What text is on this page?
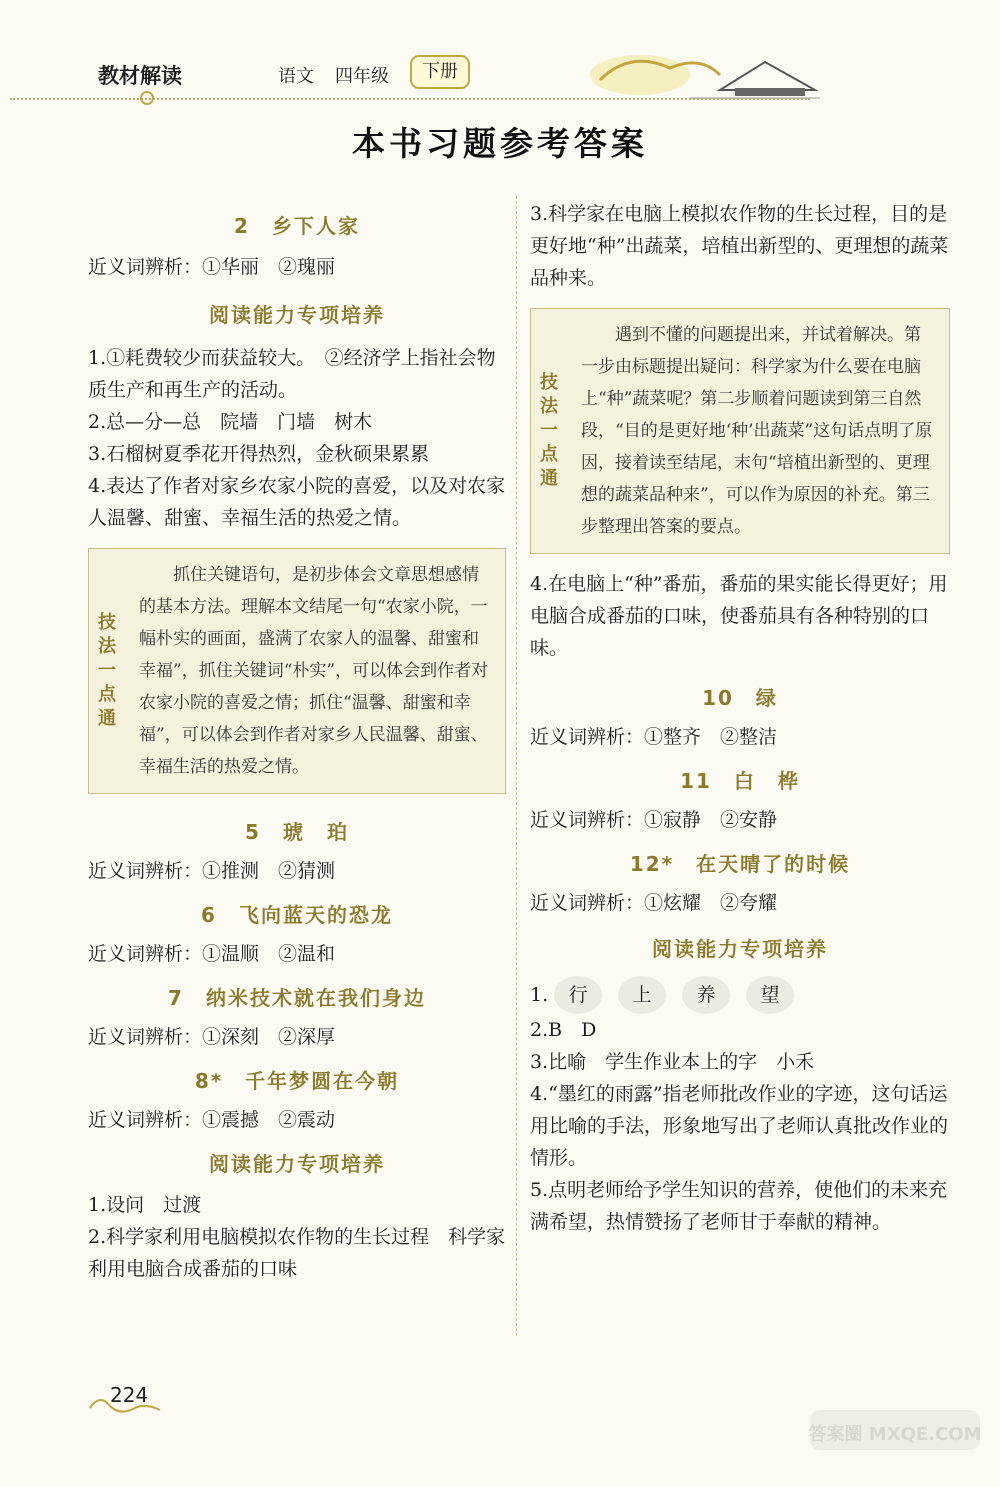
教材解读	语文 四年级	下册
本书习题参考答案
2　乡下人家

近义词辨析：①华丽　②瑰丽

阅读能力专项培养

1.①耗费较少而获益较大。　②经济学上指社会物质生产和再生产的活动。

2.总—分—总　院墙　门墙　树木

3.石榴树夏季花开得热烈，金秋硕果累累

4.表达了作者对家乡农家小院的喜爱，以及对农家人温馨、甜蜜、幸福生活的热爱之情。

技法一点通
抓住关键语句，是初步体会文章思想感情的基本方法。理解本文结尾一句“农家小院，一幅朴实的画面，盛满了农家人的温馨、甜蜜和幸福”，抓住关键词“朴实”，可以体会到作者对农家小院的喜爱之情；抓住“温馨、甜蜜和幸福”，可以体会到作者对家乡人民温馨、甜蜜、幸福生活的热爱之情。
5　琥　珀

近义词辨析：①推测　②猜测

6　飞向蓝天的恐龙

近义词辨析：①温顺　②温和

7　纳米技术就在我们身边

近义词辨析：①深刻　②深厚

8*　千年梦圆在今朝

近义词辨析：①震撼　②震动

阅读能力专项培养

1.设问　过渡

2.科学家利用电脑模拟农作物的生长过程　科学家利用电脑合成番茄的口味

3.科学家在电脑上模拟农作物的生长过程，目的是更好地“种”出蔬菜，培植出新型的、更理想的蔬菜品种来。

技法一点通
遇到不懂的问题提出来，并试着解决。第一步由标题提出疑问：科学家为什么要在电脑上“种”蔬菜呢？第二步顺着问题读到第三自然段，“目的是更好地‘种’出蔬菜”这句话点明了原因，接着读至结尾，末句“培植出新型的、更理想的蔬菜品种来”，可以作为原因的补充。第三步整理出答案的要点。

4.在电脑上“种”番茄，番茄的果实能长得更好；用电脑合成番茄的口味，使番茄具有各种特别的口味。

10　绿

近义词辨析：①整齐　②整洁

11　白　桦

近义词辨析：①寂静　②安静

12*　在天晴了的时候

近义词辨析：①炫耀　②夸耀

阅读能力专项培养
1.	行	上	养	望

2.B　D

3.比喻　学生作业本上的字　小禾

4.“墨红的雨露”指老师批改作业的字迹，这句话运用比喻的手法，形象地写出了老师认真批改作业的情形。

5.点明老师给予学生知识的营养，使他们的未来充满希望，热情赞扬了老师甘于奉献的精神。

224
答案圈 MXQE.COM
